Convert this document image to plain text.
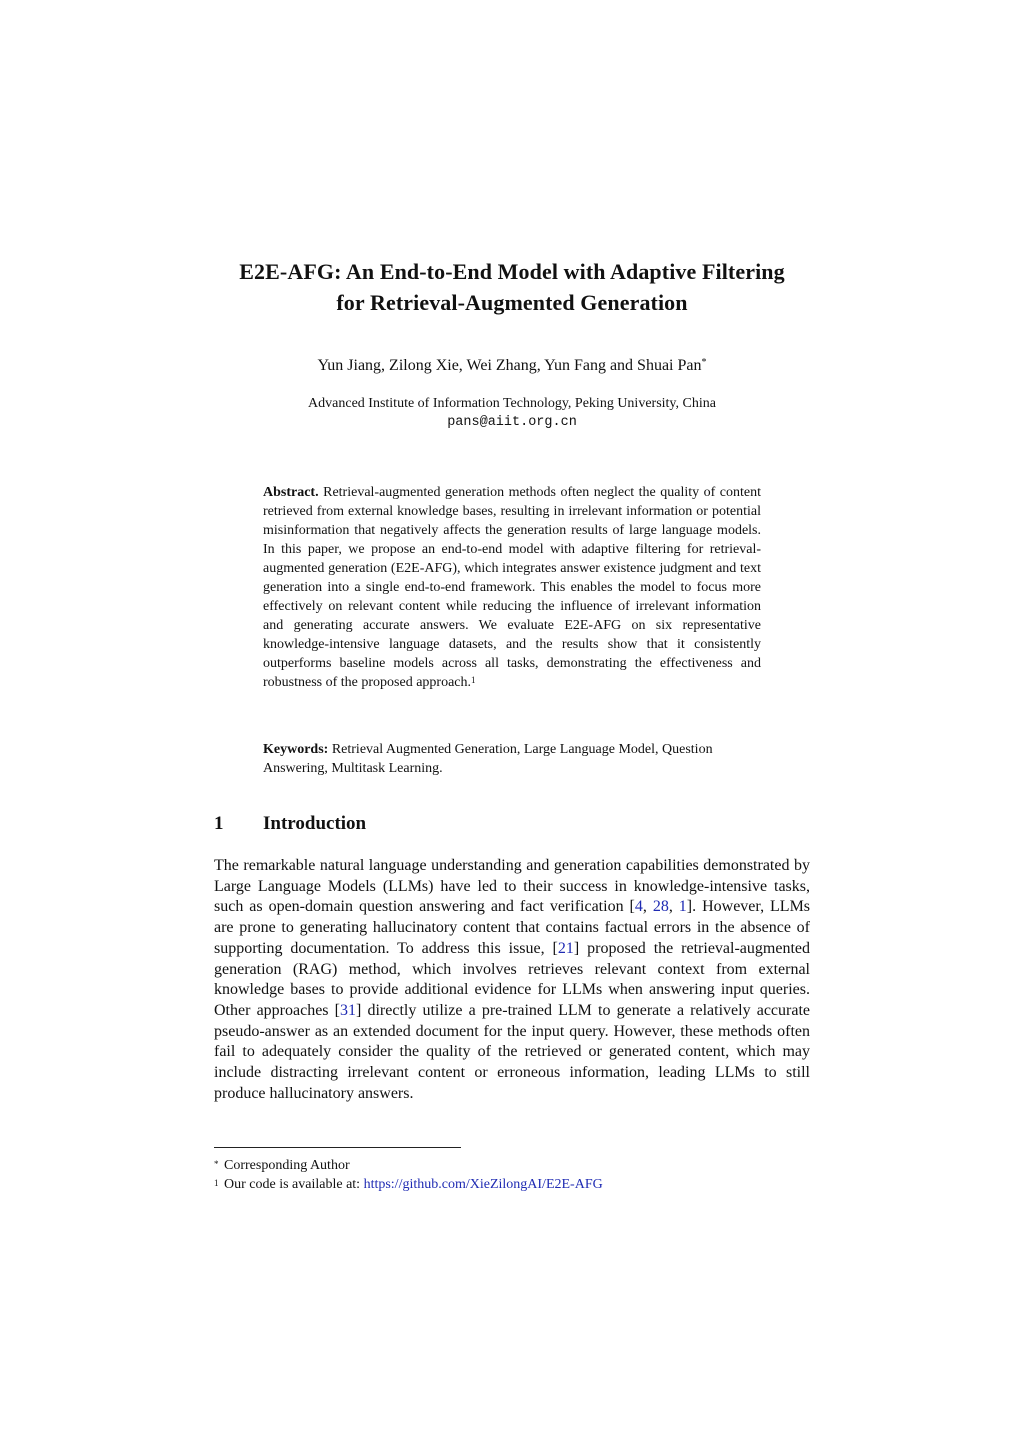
E2E-AFG: An End-to-End Model with Adaptive Filtering
for Retrieval-Augmented Generation
Yun Jiang, Zilong Xie, Wei Zhang, Yun Fang and Shuai Pan*
Advanced Institute of Information Technology, Peking University, China
pans@aiit.org.cn
Abstract. Retrieval-augmented generation methods often neglect the quality of content retrieved from external knowledge bases, resulting in irrelevant information or potential misinformation that negatively affects the generation results of large language models. In this paper, we propose an end-to-end model with adaptive filtering for retrieval-augmented generation (E2E-AFG), which integrates answer existence judgment and text generation into a single end-to-end framework. This enables the model to focus more effectively on relevant content while reducing the influence of irrelevant information and generating accurate answers. We evaluate E2E-AFG on six representative knowledge-intensive language datasets, and the results show that it consistently outperforms baseline models across all tasks, demonstrating the effectiveness and robustness of the proposed approach.$^1$
Keywords: Retrieval Augmented Generation, Large Language Model, Question Answering, Multitask Learning.
1 Introduction
The remarkable natural language understanding and generation capabilities demonstrated by Large Language Models (LLMs) have led to their success in knowledge-intensive tasks, such as open-domain question answering and fact verification [4, 28, 1]. However, LLMs are prone to generating hallucinatory content that contains factual errors in the absence of supporting documentation. To address this issue, [21] proposed the retrieval-augmented generation (RAG) method, which involves retrieves relevant context from external knowledge bases to provide additional evidence for LLMs when answering input queries. Other approaches [31] directly utilize a pre-trained LLM to generate a relatively accurate pseudo-answer as an extended document for the input query. However, these methods often fail to adequately consider the quality of the retrieved or generated content, which may include distracting irrelevant content or erroneous information, leading LLMs to still produce hallucinatory answers.
* Corresponding Author
$^1$ Our code is available at: https://github.com/XieZilongAI/E2E-AFG
